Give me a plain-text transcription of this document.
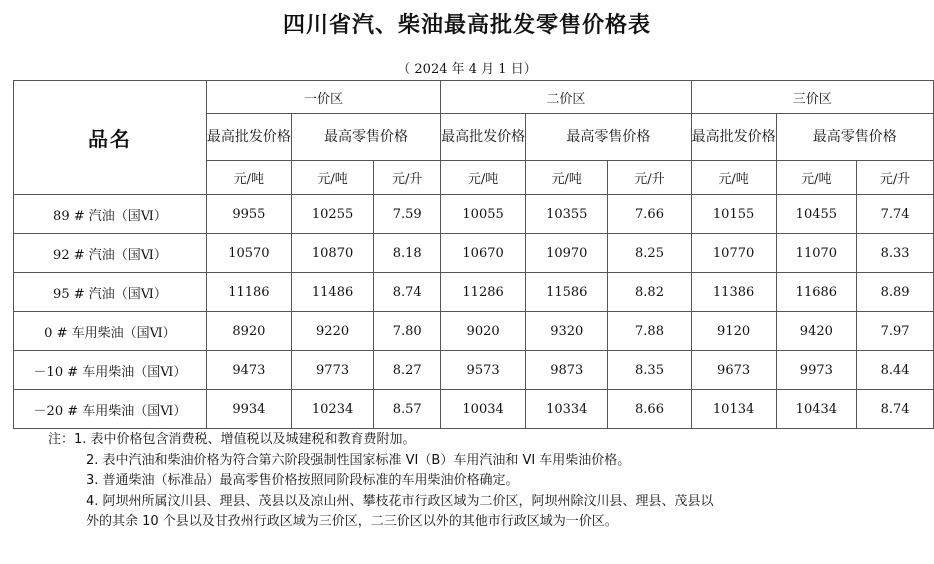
四川省汽、柴油最高批发零售价格表
（ 2024 年 4 月 1 日）
品名	一价区			二价区			三价区		
	最高批发价格	最高零售价格		最高批发价格	最高零售价格		最高批发价格	最高零售价格	
	元/吨	元/吨	元/升	元/吨	元/吨	元/升	元/吨	元/吨	元/升
89 # 汽油（国Ⅵ）	9955	10255	7.59	10055	10355	7.66	10155	10455	7.74
92 # 汽油（国Ⅵ）	10570	10870	8.18	10670	10970	8.25	10770	11070	8.33
95 # 汽油（国Ⅵ）	11186	11486	8.74	11286	11586	8.82	11386	11686	8.89
0 # 车用柴油（国Ⅵ）	8920	9220	7.80	9020	9320	7.88	9120	9420	7.97
－10 # 车用柴油（国Ⅵ）	9473	9773	8.27	9573	9873	8.35	9673	9973	8.44
－20 # 车用柴油（国Ⅵ）	9934	10234	8.57	10034	10334	8.66	10134	10434	8.74
注：1. 表中价格包含消费税、增值税以及城建税和教育费附加。
2. 表中汽油和柴油价格为符合第六阶段强制性国家标准 VI（B）车用汽油和 VI 车用柴油价格。
3. 普通柴油（标准品）最高零售价格按照同阶段标准的车用柴油价格确定。
4. 阿坝州所属汶川县、理县、茂县以及凉山州、攀枝花市行政区域为二价区，阿坝州除汶川县、理县、茂县以
外的其余 10 个县以及甘孜州行政区域为三价区，二三价区以外的其他市行政区域为一价区。
